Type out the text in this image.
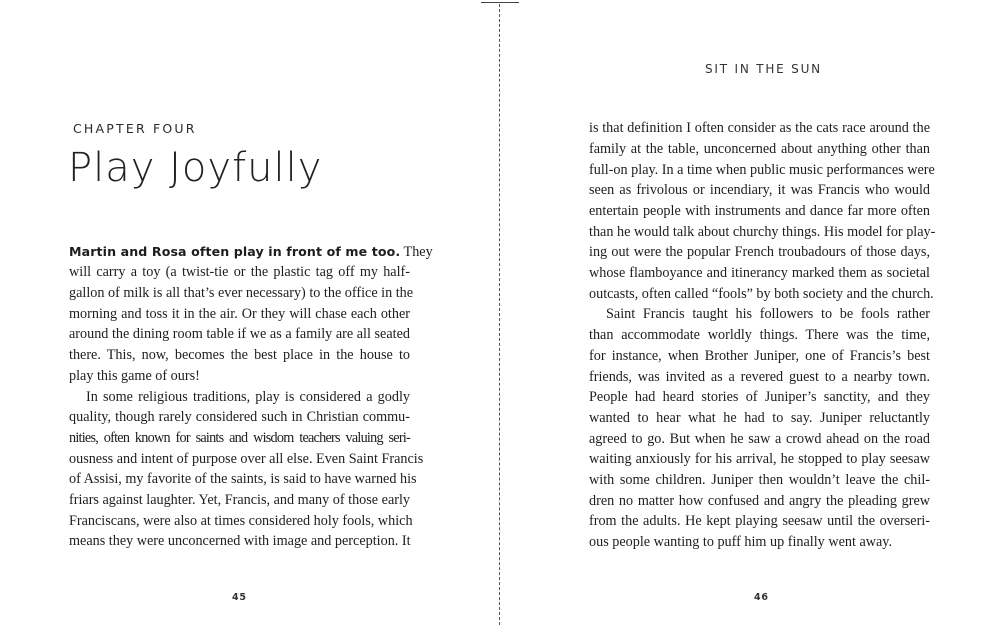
CHAPTER FOUR

Play Joyfully
Martin and Rosa often play in front of me too. They
will carry a toy (a twist-tie or the plastic tag off my half-
gallon of milk is all that’s ever necessary) to the office in the
morning and toss it in the air. Or they will chase each other
around the dining room table if we as a family are all seated
there. This, now, becomes the best place in the house to
play this game of ours!
In some religious traditions, play is considered a godly
quality, though rarely considered such in Christian commu-
nities, often known for saints and wisdom teachers valuing seri-
ousness and intent of purpose over all else. Even Saint Francis
of Assisi, my favorite of the saints, is said to have warned his
friars against laughter. Yet, Francis, and many of those early
Franciscans, were also at times considered holy fools, which
means they were unconcerned with image and perception. It

45

SIT IN THE SUN

is that definition I often consider as the cats race around the
family at the table, unconcerned about anything other than
full-on play. In a time when public music performances were
seen as frivolous or incendiary, it was Francis who would
entertain people with instruments and dance far more often
than he would talk about churchy things. His model for play-
ing out were the popular French troubadours of those days,
whose flamboyance and itinerancy marked them as societal
outcasts, often called “fools” by both society and the church.
Saint Francis taught his followers to be fools rather
than accommodate worldly things. There was the time,
for instance, when Brother Juniper, one of Francis’s best
friends, was invited as a revered guest to a nearby town.
People had heard stories of Juniper’s sanctity, and they
wanted to hear what he had to say. Juniper reluctantly
agreed to go. But when he saw a crowd ahead on the road
waiting anxiously for his arrival, he stopped to play seesaw
with some children. Juniper then wouldn’t leave the chil-
dren no matter how confused and angry the pleading grew
from the adults. He kept playing seesaw until the overseri-
ous people wanting to puff him up finally went away.

46
